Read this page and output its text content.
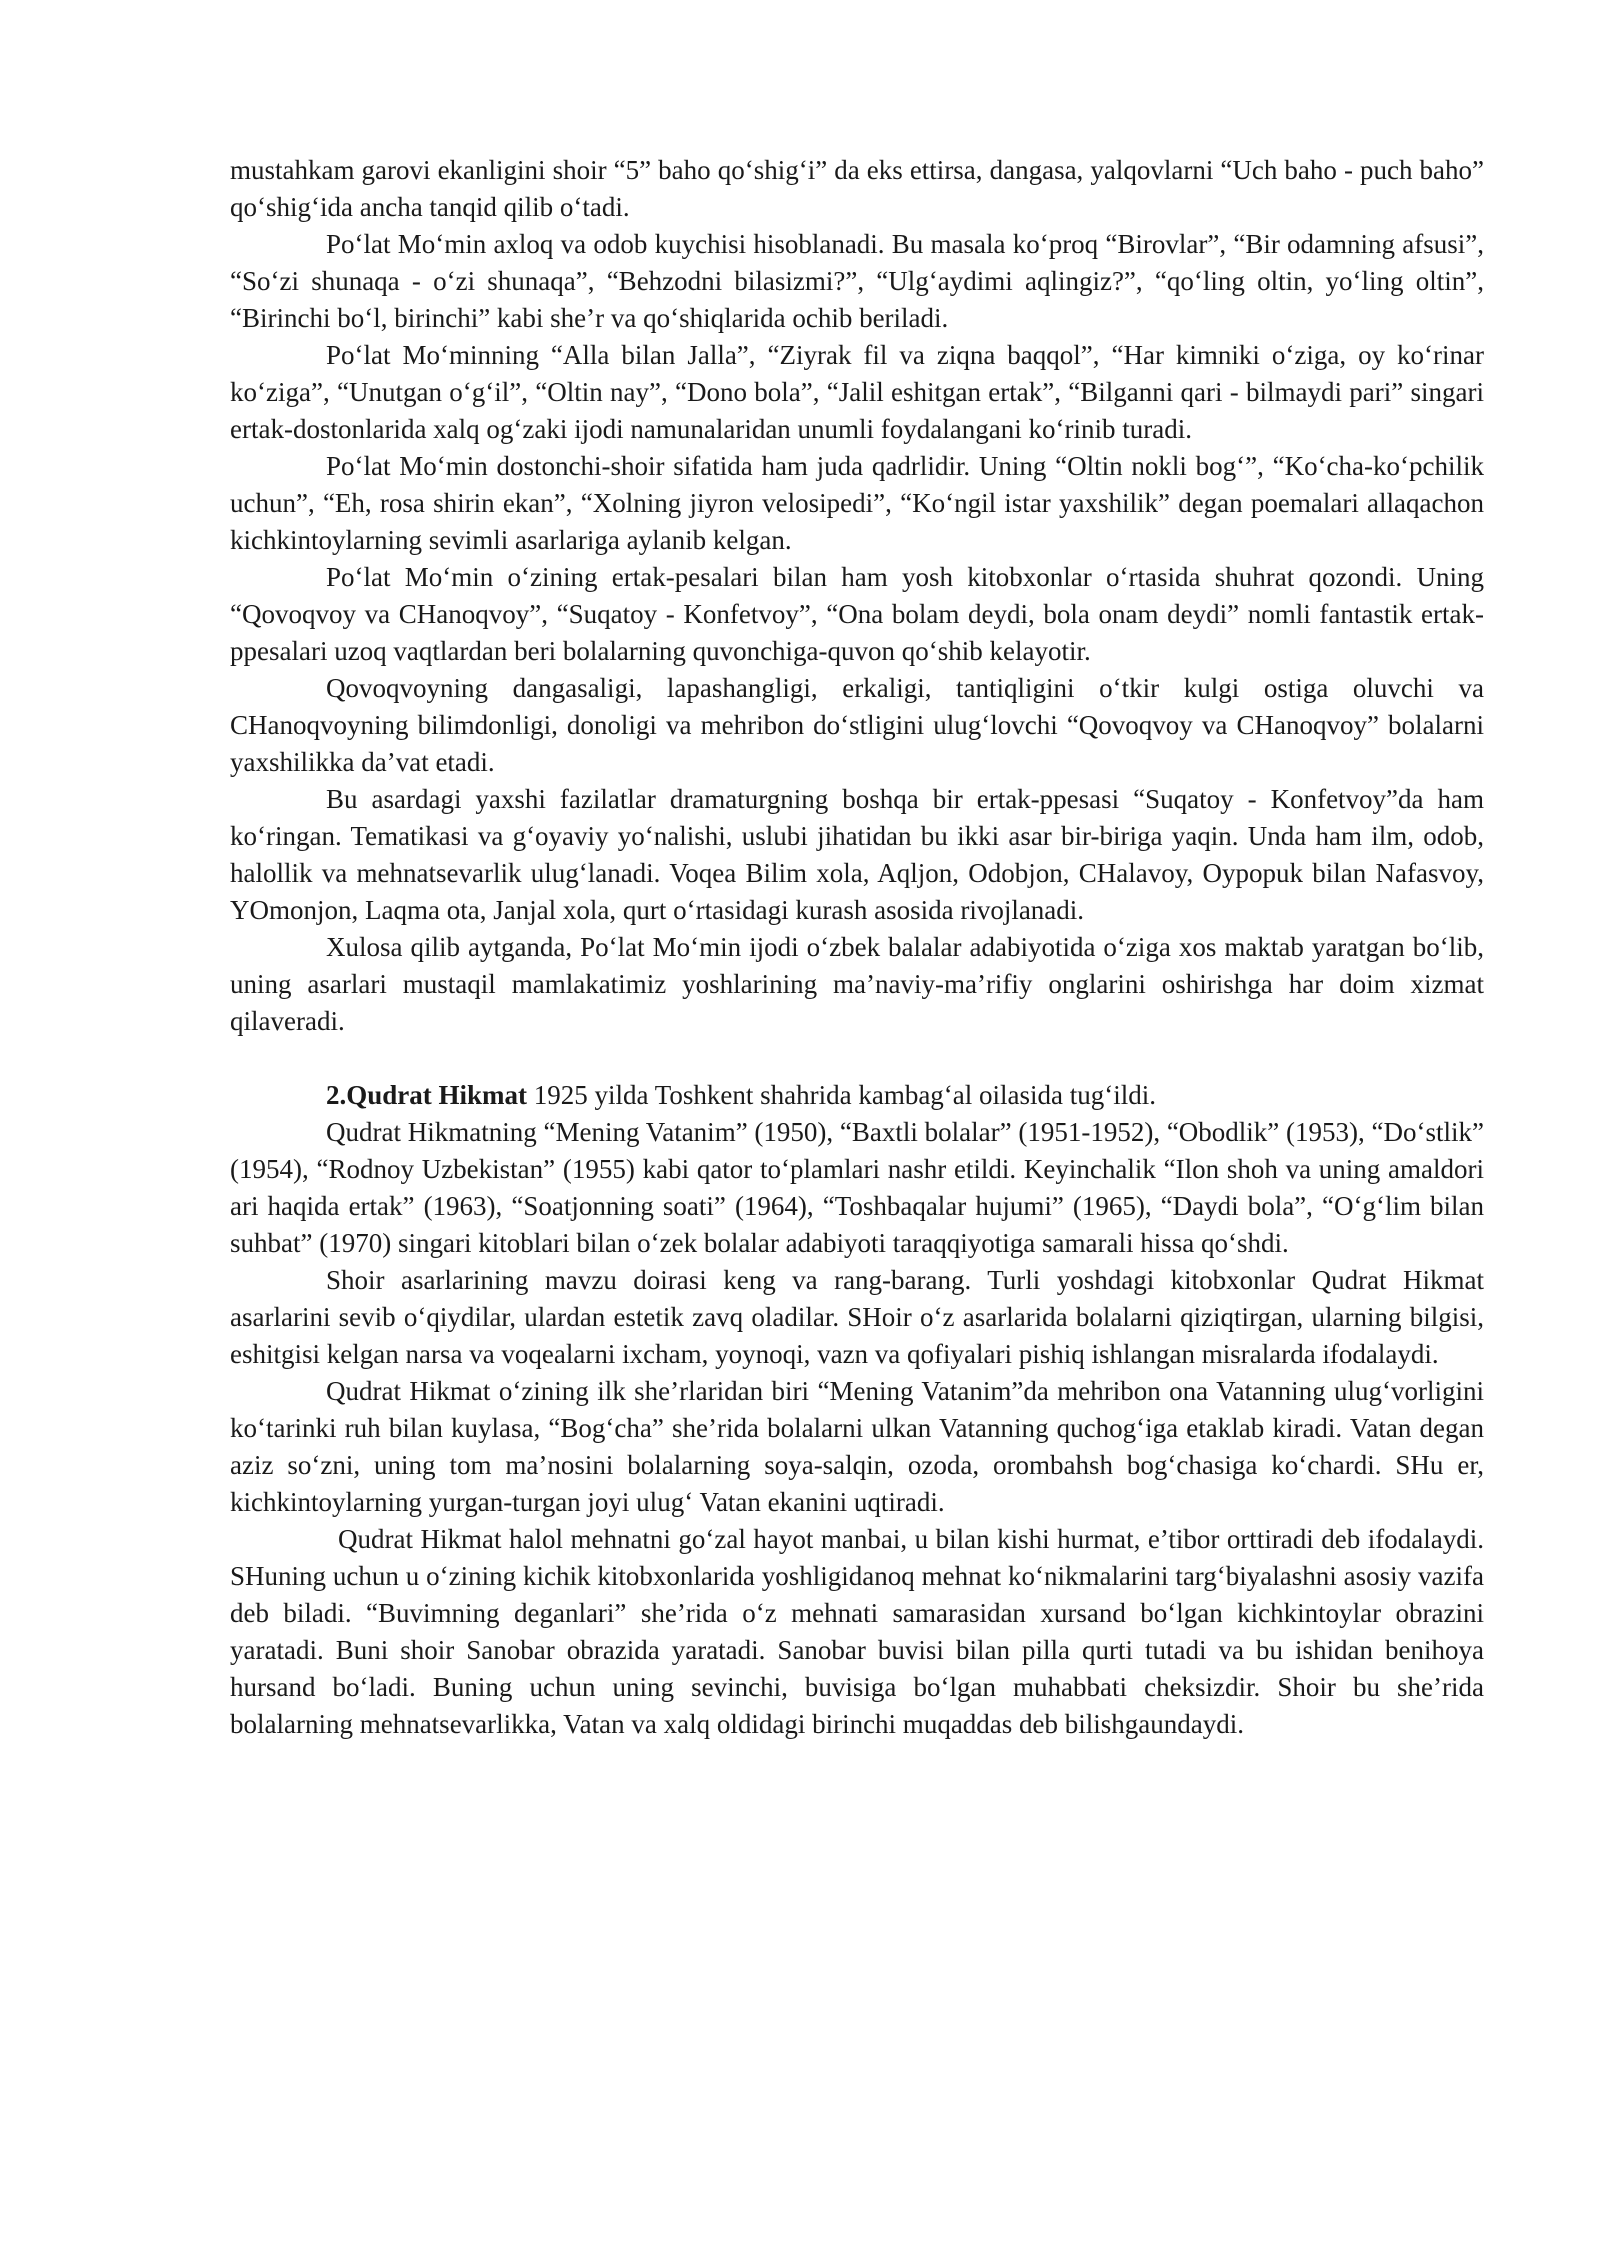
mustahkam garovi ekanligini shoir “5” baho qo‘shig‘i” da eks ettirsa, dangasa, yalqovlarni “Uch baho - puch baho” qo‘shig‘ida ancha tanqid qilib o‘tadi.

Po‘lat Mo‘min axloq va odob kuychisi hisoblanadi. Bu masala ko‘proq “Birovlar”, “Bir odamning afsusi”, “So‘zi shunaqa - o‘zi shunaqa”, “Behzodni bilasizmi?”, “Ulg‘aydimi aqlingiz?”, “qo‘ling oltin, yo‘ling oltin”, “Birinchi bo‘l, birinchi” kabi she’r va qo‘shiqlarida ochib beriladi.

Po‘lat Mo‘minning “Alla bilan Jalla”, “Ziyrak fil va ziqna baqqol”, “Har kimniki o‘ziga, oy ko‘rinar ko‘ziga”, “Unutgan o‘g‘il”, “Oltin nay”, “Dono bola”, “Jalil eshitgan ertak”, “Bilganni qari - bilmaydi pari” singari ertak-dostonlarida xalq og‘zaki ijodi namunalaridan unumli foydalangani ko‘rinib turadi.

Po‘lat Mo‘min dostonchi-shoir sifatida ham juda qadrlidir. Uning “Oltin nokli bog‘”, “Ko‘cha-ko‘pchilik uchun”, “Eh, rosa shirin ekan”, “Xolning jiyron velosipedi”, “Ko‘ngil istar yaxshilik” degan poemalari allaqachon kichkintoylarning sevimli asarlariga aylanib kelgan.

Po‘lat Mo‘min o‘zining ertak-pesalari bilan ham yosh kitobxonlar o‘rtasida shuhrat qozondi. Uning “Qovoqvoy va CHanoqvoy”, “Suqatoy - Konfetvoy”, “Ona bolam deydi, bola onam deydi” nomli fantastik ertak-ppesalari uzoq vaqtlardan beri bolalarning quvonchiga-quvon qo‘shib kelayotir.

Qovoqvoyning dangasaligi, lapashangligi, erkaligi, tantiqligini o‘tkir kulgi ostiga oluvchi va CHanoqvoyning bilimdonligi, donoligi va mehribon do‘stligini ulug‘lovchi “Qovoqvoy va CHanoqvoy” bolalarni yaxshilikka da’vat etadi.

Bu asardagi yaxshi fazilatlar dramaturgning boshqa bir ertak-ppesasi “Suqatoy - Konfetvoy”da ham ko‘ringan. Tematikasi va g‘oyaviy yo‘nalishi, uslubi jihatidan bu ikki asar bir-biriga yaqin. Unda ham ilm, odob, halollik va mehnatsevarlik ulug‘lanadi. Voqea Bilim xola, Aqljon, Odobjon, CHalavoy, Oypopuk bilan Nafasvoy, YOmonjon, Laqma ota, Janjal xola, qurt o‘rtasidagi kurash asosida rivojlanadi.

Xulosa qilib aytganda, Po‘lat Mo‘min ijodi o‘zbek balalar adabiyotida o‘ziga xos maktab yaratgan bo‘lib, uning asarlari mustaqil mamlakatimiz yoshlarining ma’naviy-ma’rifiy onglarini oshirishga har doim xizmat qilaveradi.

2.Qudrat Hikmat 1925 yilda Toshkent shahrida kambag‘al oilasida tug‘ildi.

Qudrat Hikmatning “Mening Vatanim” (1950), “Baxtli bolalar” (1951-1952), “Obodlik” (1953), “Do‘stlik” (1954), “Rodnoy Uzbekistan” (1955) kabi qator to‘plamlari nashr etildi. Keyinchalik “Ilon shoh va uning amaldori ari haqida ertak” (1963), “Soatjonning soati” (1964), “Toshbaqalar hujumi” (1965), “Daydi bola”, “O‘g‘lim bilan suhbat” (1970) singari kitoblari bilan o‘zek bolalar adabiyoti taraqqiyotiga samarali hissa qo‘shdi.

Shoir asarlarining mavzu doirasi keng va rang-barang. Turli yoshdagi kitobxonlar Qudrat Hikmat asarlarini sevib o‘qiydilar, ulardan estetik zavq oladilar. SHoir o‘z asarlarida bolalarni qiziqtirgan, ularning bilgisi, eshitgisi kelgan narsa va voqealarni ixcham, yoynoqi, vazn va qofiyalari pishiq ishlangan misralarda ifodalaydi.

Qudrat Hikmat o‘zining ilk she’rlaridan biri “Mening Vatanim”da mehribon ona Vatanning ulug‘vorligini ko‘tarinki ruh bilan kuylasa, “Bog‘cha” she’rida bolalarni ulkan Vatanning quchog‘iga etaklab kiradi. Vatan degan aziz so‘zni, uning tom ma’nosini bolalarning soya-salqin, ozoda, orombahsh bog‘chasiga ko‘chardi. SHu er, kichkintoylarning yurgan-turgan joyi ulug‘ Vatan ekanini uqtiradi.

Qudrat Hikmat halol mehnatni go‘zal hayot manbai, u bilan kishi hurmat, e’tibor orttiradi deb ifodalaydi. SHuning uchun u o‘zining kichik kitobxonlarida yoshligidanoq mehnat ko‘nikmalarini targ‘biyalashni asosiy vazifa deb biladi. “Buvimning deganlari” she’rida o‘z mehnati samarasidan xursand bo‘lgan kichkintoylar obrazini yaratadi. Buni shoir Sanobar obrazida yaratadi. Sanobar buvisi bilan pilla qurti tutadi va bu ishidan benihoya hursand bo‘ladi. Buning uchun uning sevinchi, buvisiga bo‘lgan muhabbati cheksizdir. Shoir bu she’rida bolalarning mehnatsevarlikka, Vatan va xalq oldidagi birinchi muqaddas deb bilishgaundaydi.
